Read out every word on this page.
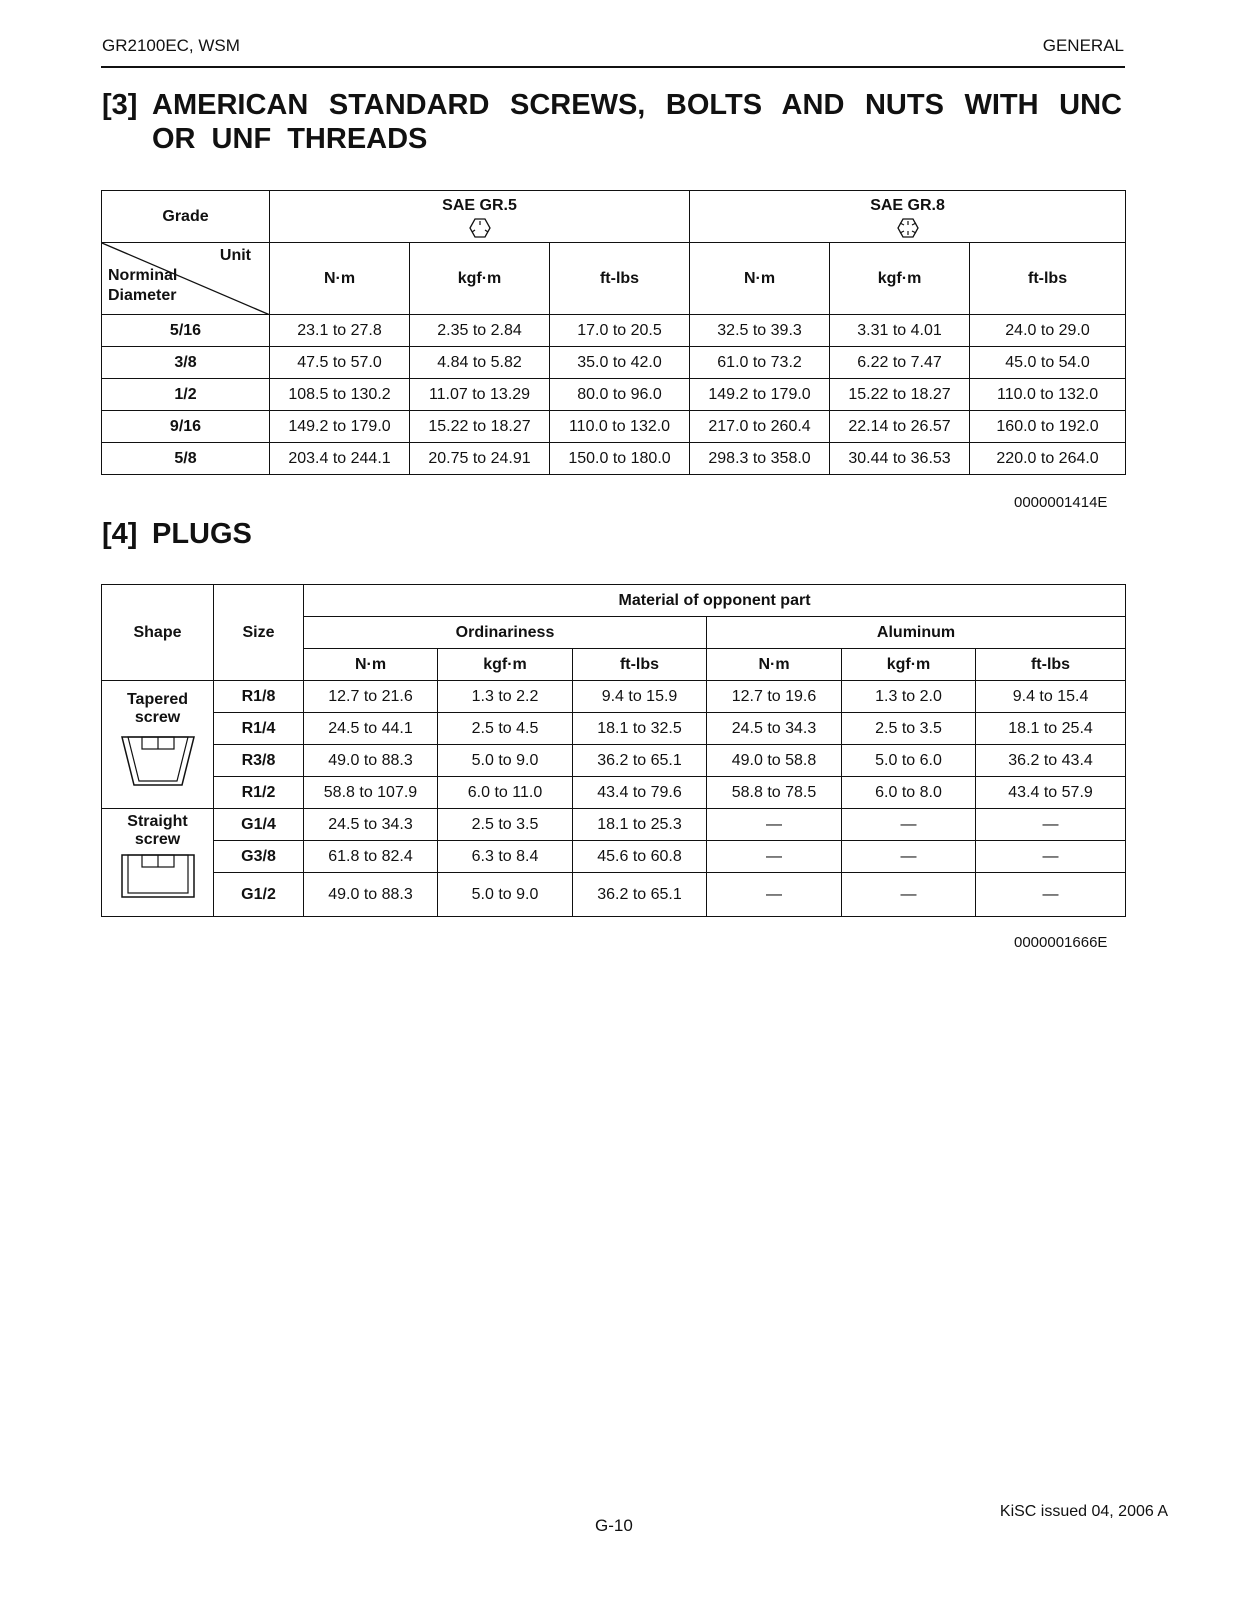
GR2100EC, WSM	GENERAL
[3] AMERICAN STANDARD SCREWS, BOLTS AND NUTS WITH UNC OR UNF THREADS
Grade	SAE GR.5			SAE GR.8		

Unit
Norminal
Diameter	N·m	kgf·m	ft-lbs	N·m	kgf·m	ft-lbs
5/16	23.1 to 27.8	2.35 to 2.84	17.0 to 20.5	32.5 to 39.3	3.31 to 4.01	24.0 to 29.0
3/8	47.5 to 57.0	4.84 to 5.82	35.0 to 42.0	61.0 to 73.2	6.22 to 7.47	45.0 to 54.0
1/2	108.5 to 130.2	11.07 to 13.29	80.0 to 96.0	149.2 to 179.0	15.22 to 18.27	110.0 to 132.0
9/16	149.2 to 179.0	15.22 to 18.27	110.0 to 132.0	217.0 to 260.4	22.14 to 26.57	160.0 to 192.0
5/8	203.4 to 244.1	20.75 to 24.91	150.0 to 180.0	298.3 to 358.0	30.44 to 36.53	220.0 to 264.0
0000001414E
[4] PLUGS
Shape	Size	Material of opponent part					
		Ordinariness			Aluminum		
		N·m	kgf·m	ft-lbs	N·m	kgf·m	ft-lbs

Tapered
screw	R1/8	12.7 to 21.6	1.3 to 2.2	9.4 to 15.9	12.7 to 19.6	1.3 to 2.0	9.4 to 15.4
	R1/4	24.5 to 44.1	2.5 to 4.5	18.1 to 32.5	24.5 to 34.3	2.5 to 3.5	18.1 to 25.4
	R3/8	49.0 to 88.3	5.0 to 9.0	36.2 to 65.1	49.0 to 58.8	5.0 to 6.0	36.2 to 43.4
	R1/2	58.8 to 107.9	6.0 to 11.0	43.4 to 79.6	58.8 to 78.5	6.0 to 8.0	43.4 to 57.9

Straight
screw	G1/4	24.5 to 34.3	2.5 to 3.5	18.1 to 25.3	—	—	—
	G3/8	61.8 to 82.4	6.3 to 8.4	45.6 to 60.8	—	—	—
	G1/2	49.0 to 88.3	5.0 to 9.0	36.2 to 65.1	—	—	—
0000001666E
G-10
KiSC issued 04, 2006 A
